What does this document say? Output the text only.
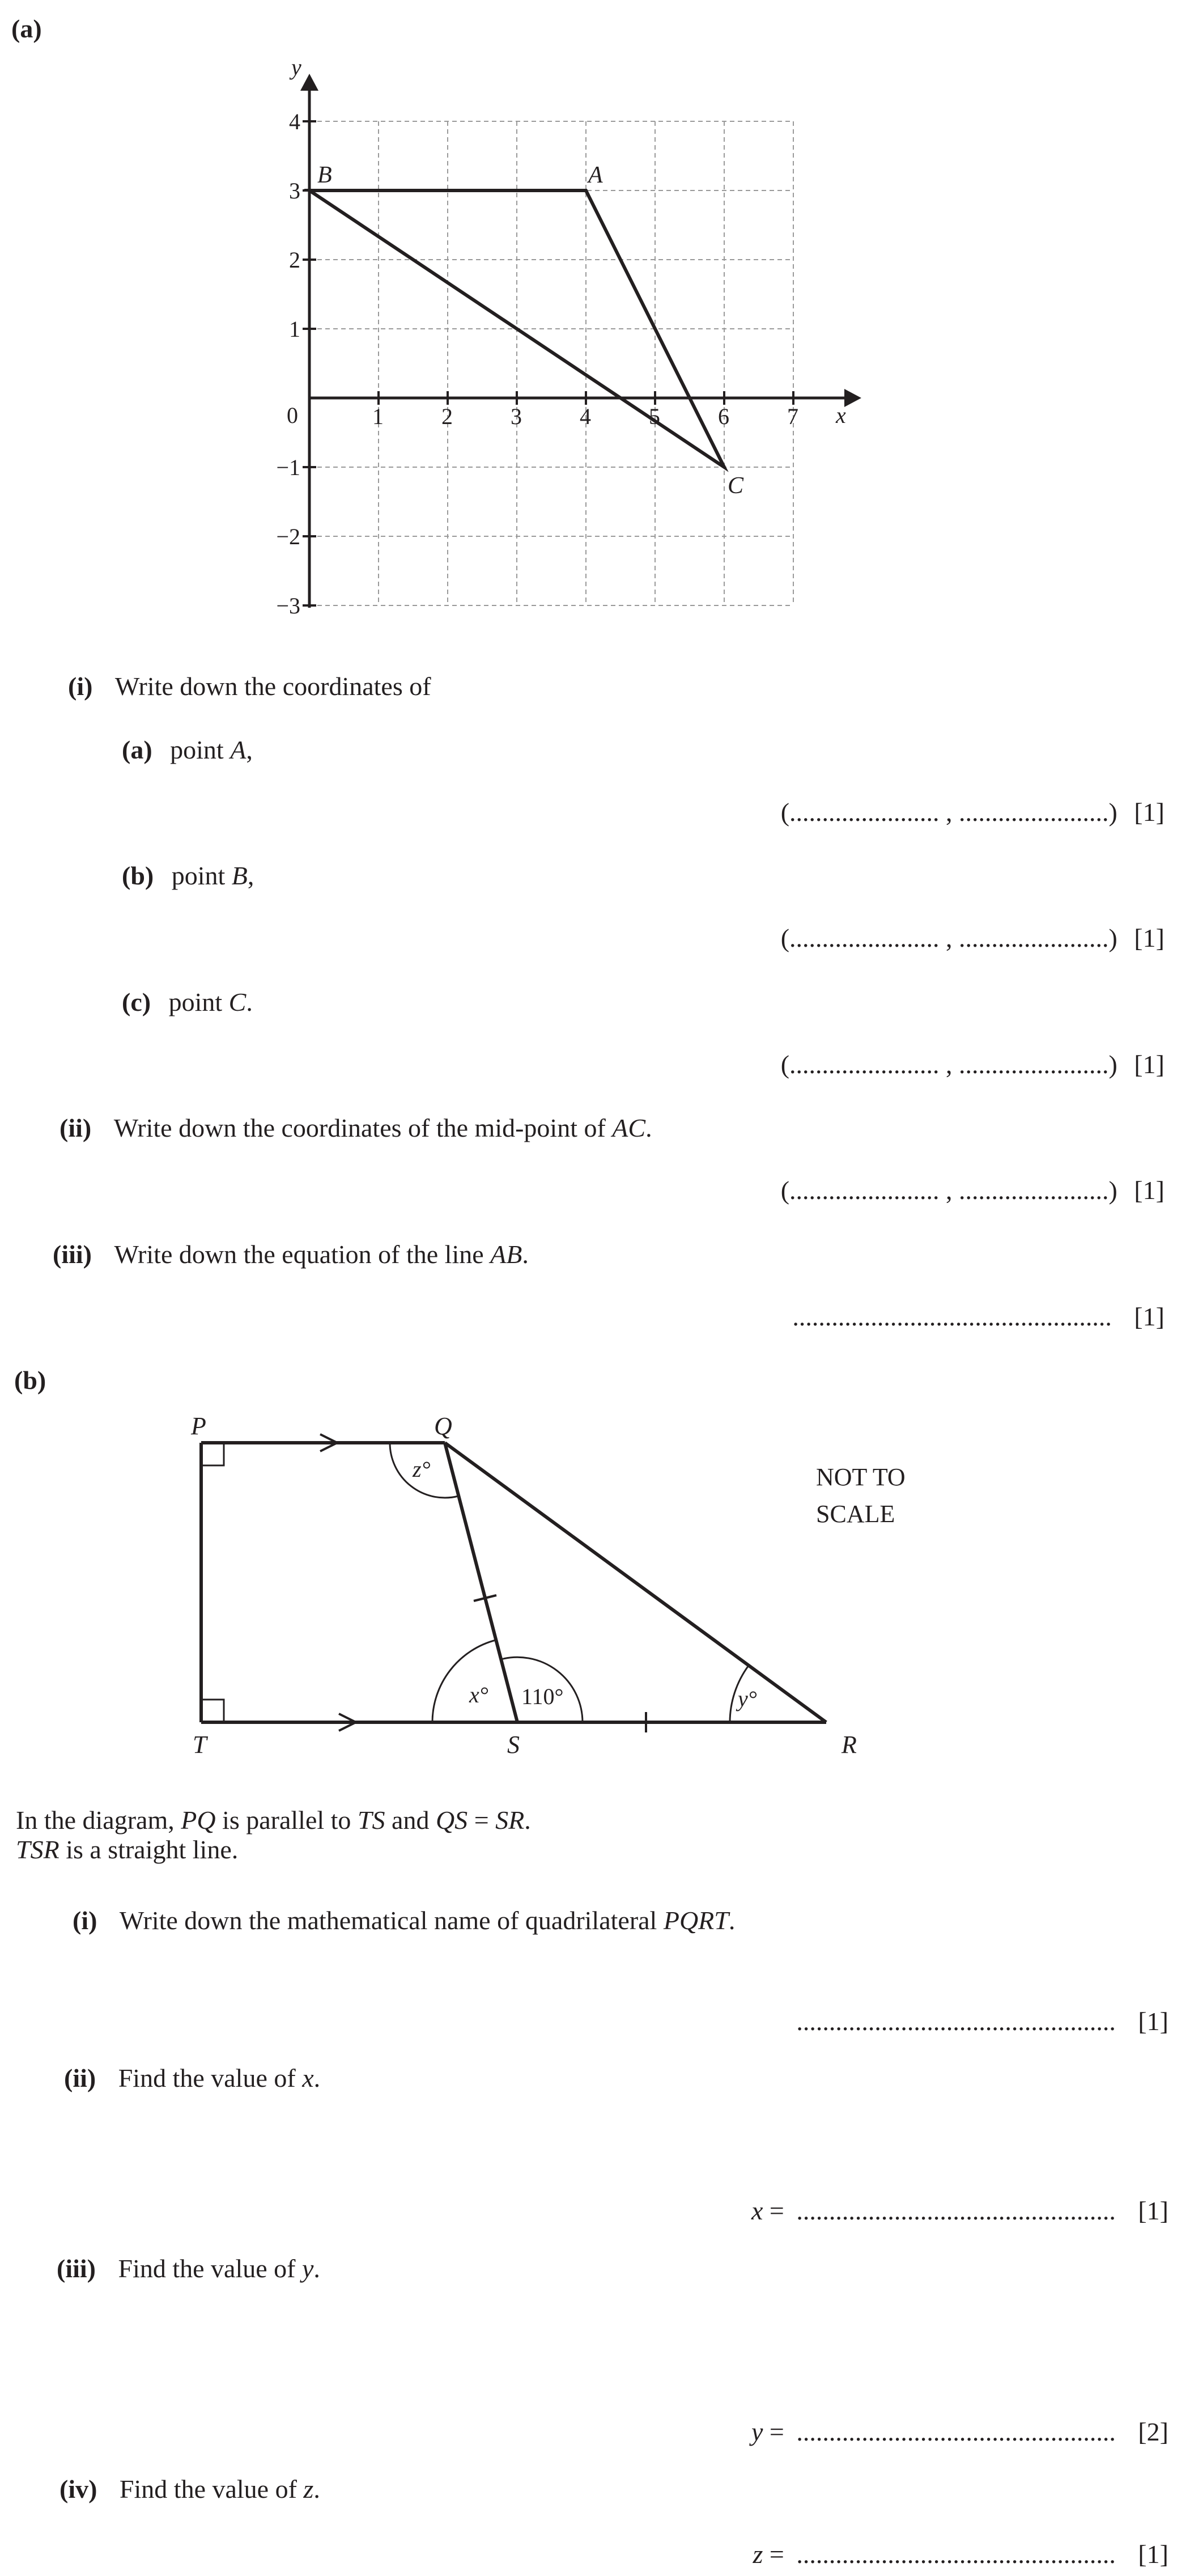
(a)
1	2	3	4	5	6	7
4
3
2
1
−1
−2
−3
x
y
0
A
B
C
(i) Write down the coordinates of
(a) point A,
(....................... , .......................) [1]
(b) point B,
(....................... , .......................) [1]
(c) point C.
(....................... , .......................) [1]
(ii) Write down the coordinates of the mid-point of AC.
(....................... , .......................) [1]
(iii) Write down the equation of the line AB.
................................................. [1]
(b)
P	Q
T	S	R
z°
x° 110°	y°
NOT TO
SCALE
In the diagram, PQ is parallel to TS and QS = SR.
TSR is a straight line.
(i) Write down the mathematical name of quadrilateral PQRT.
................................................. [1]
(ii) Find the value of x.
x = ................................................. [1]
(iii) Find the value of y.
y = ................................................. [2]
(iv) Find the value of z.
z = ................................................. [1]
